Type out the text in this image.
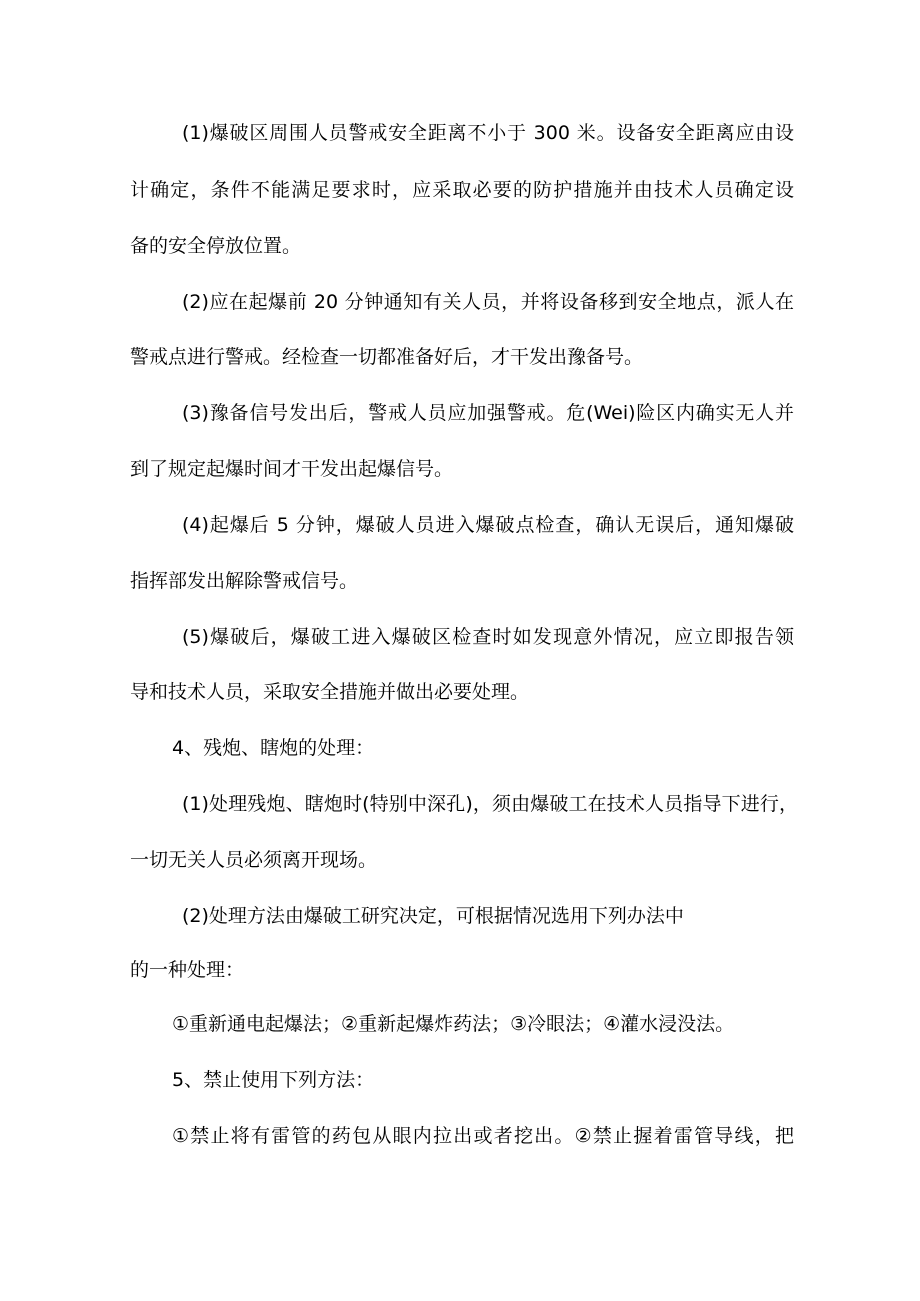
(1)爆破区周围人员警戒安全距离不小于 300 米。设备安全距离应由设

计确定，条件不能满足要求时，应采取必要的防护措施并由技术人员确定设

备的安全停放位置。

(2)应在起爆前 20 分钟通知有关人员，并将设备移到安全地点，派人在

警戒点进行警戒。经检查一切都准备好后，才干发出豫备号。

(3)豫备信号发出后，警戒人员应加强警戒。危(Wei)险区内确实无人并

到了规定起爆时间才干发出起爆信号。

(4)起爆后 5 分钟，爆破人员进入爆破点检查，确认无误后，通知爆破

指挥部发出解除警戒信号。

(5)爆破后，爆破工进入爆破区检查时如发现意外情况，应立即报告领

导和技术人员，采取安全措施并做出必要处理。

4、残炮、瞎炮的处理：

(1)处理残炮、瞎炮时(特别中深孔)，须由爆破工在技术人员指导下进行，

一切无关人员必须离开现场。

(2)处理方法由爆破工研究决定，可根据情况选用下列办法中

的一种处理：

①重新通电起爆法；②重新起爆炸药法；③冷眼法；④灌水浸没法。

5、禁止使用下列方法：

①禁止将有雷管的药包从眼内拉出或者挖出。②禁止握着雷管导线，把
